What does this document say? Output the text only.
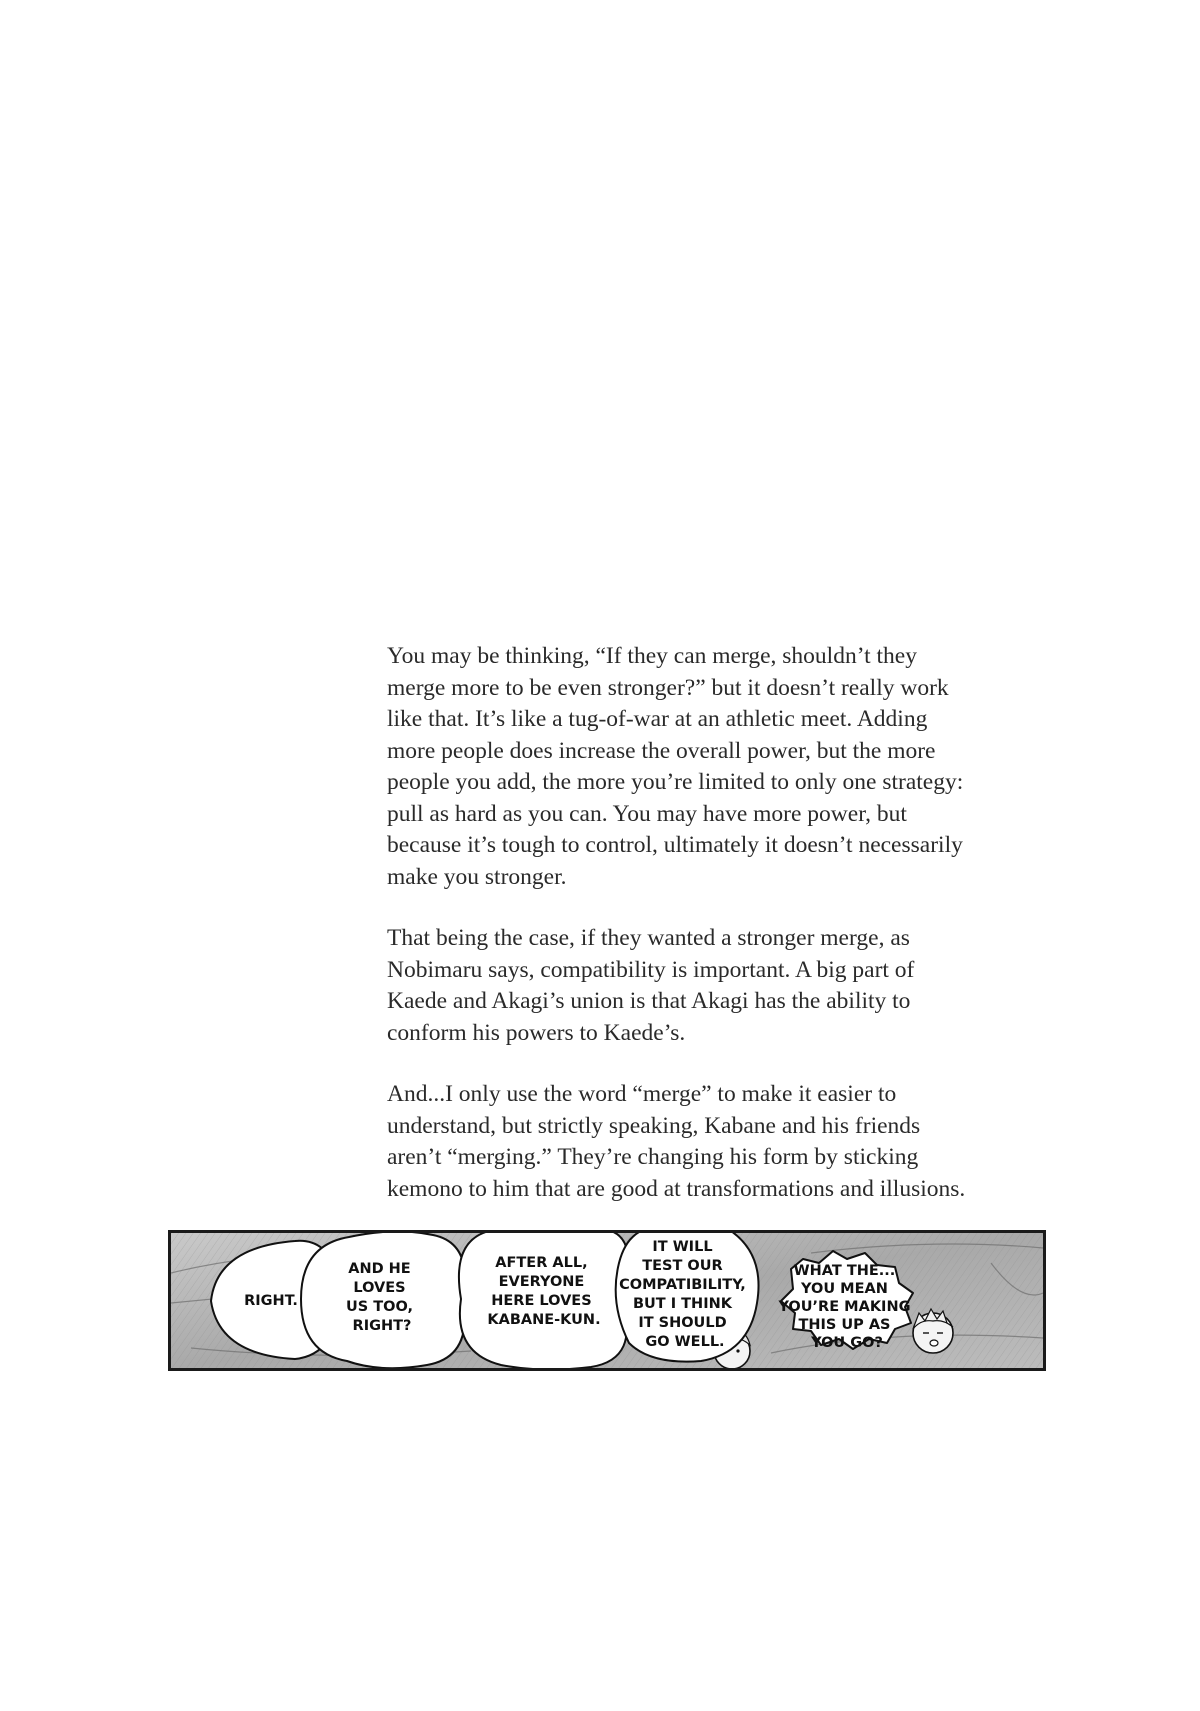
You may be thinking, “If they can merge, shouldn’t they
merge more to be even stronger?” but it doesn’t really work
like that. It’s like a tug-of-war at an athletic meet. Adding
more people does increase the overall power, but the more
people you add, the more you’re limited to only one strategy:
pull as hard as you can. You may have more power, but
because it’s tough to control, ultimately it doesn’t necessarily
make you stronger.

That being the case, if they wanted a stronger merge, as
Nobimaru says, compatibility is important. A big part of
Kaede and Akagi’s union is that Akagi has the ability to
conform his powers to Kaede’s.

And...I only use the word “merge” to make it easier to
understand, but strictly speaking, Kabane and his friends
aren’t “merging.” They’re changing his form by sticking
kemono to him that are good at transformations and illusions.

RIGHT.
AND HE LOVES US TOO, RIGHT?
AFTER ALL, EVERYONE HERE LOVES KABANE-KUN.
IT WILL TEST OUR COMPATIBILITY, BUT I THINK IT SHOULD GO WELL.
WHAT THE... YOU MEAN YOU’RE MAKING THIS UP AS YOU GO?
